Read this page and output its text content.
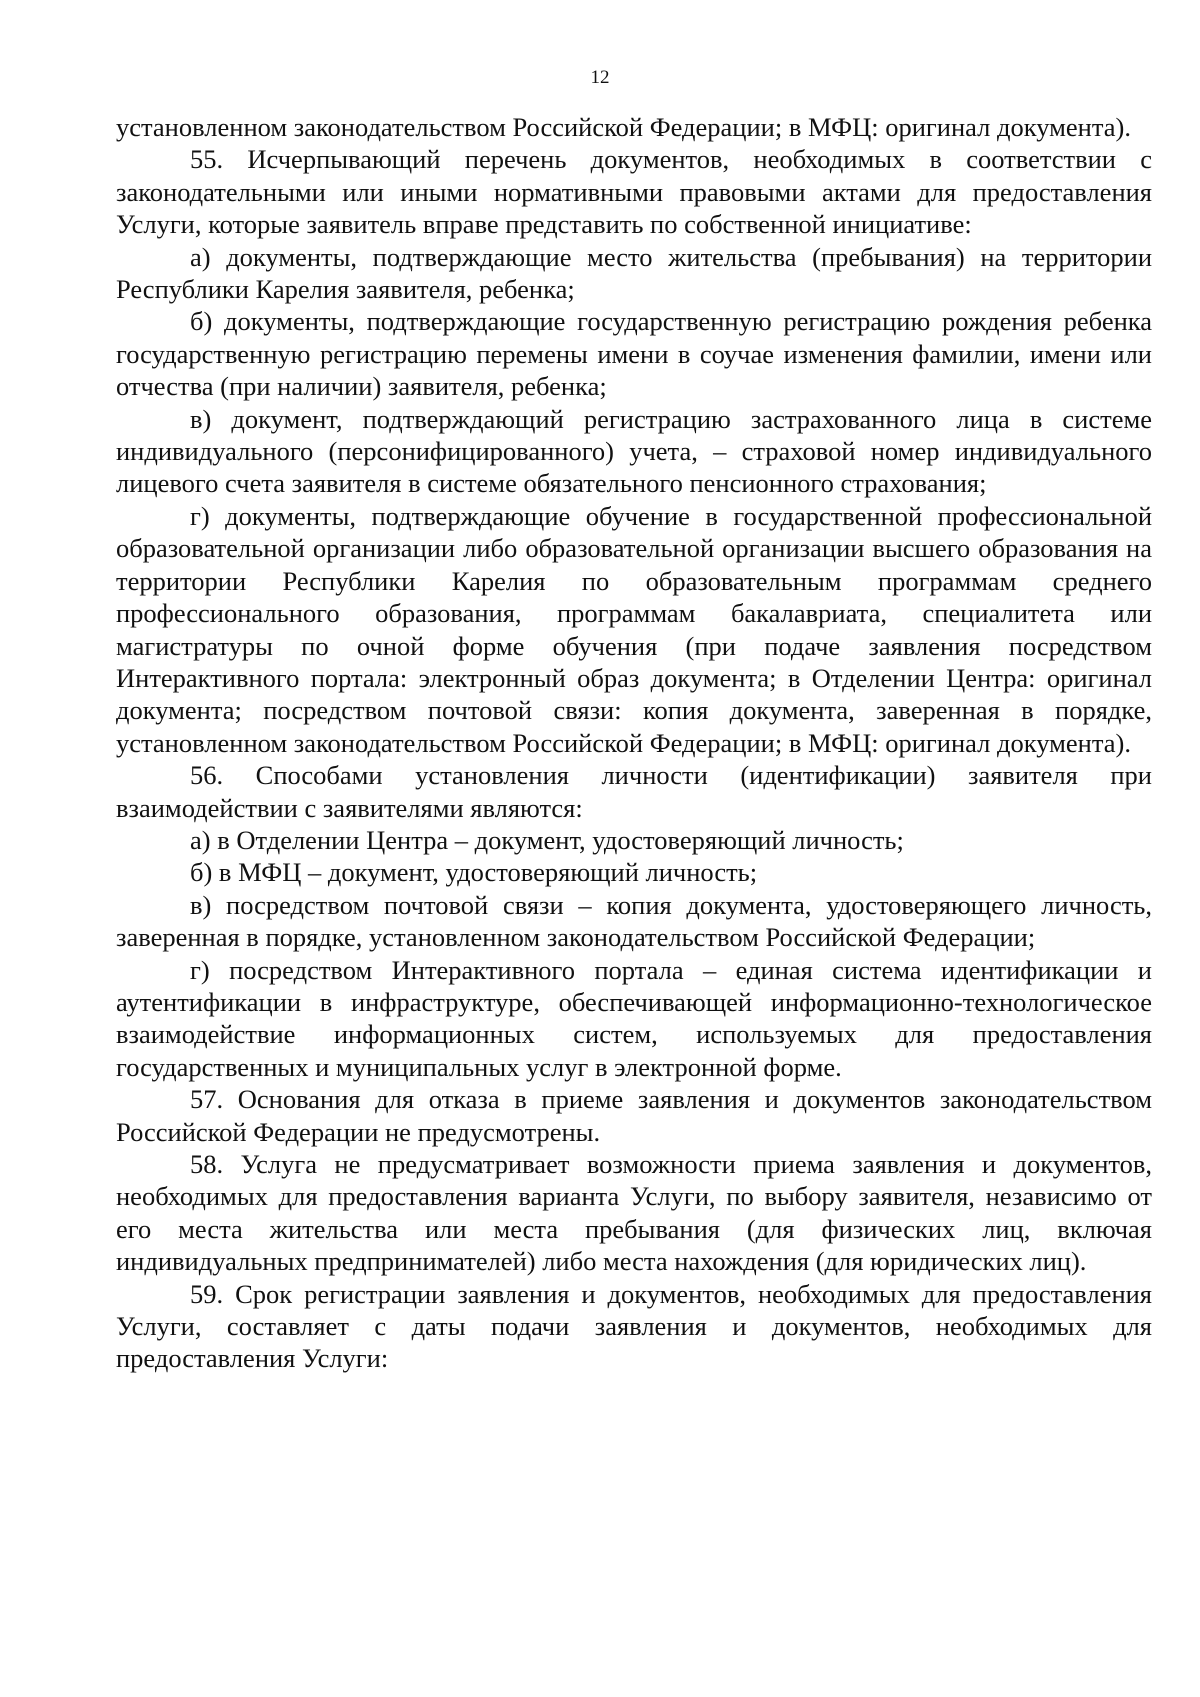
12

установленном законодательством Российской Федерации; в МФЦ: оригинал документа).

55. Исчерпывающий перечень документов, необходимых в соответствии с законодательными или иными нормативными правовыми актами для предоставления Услуги, которые заявитель вправе представить по собственной инициативе:

а) документы, подтверждающие место жительства (пребывания) на территории Республики Карелия заявителя, ребенка;

б) документы, подтверждающие государственную регистрацию рождения ребенка государственную регистрацию перемены имени в соучае изменения фамилии, имени или отчества (при наличии) заявителя, ребенка;

в) документ, подтверждающий регистрацию застрахованного лица в системе индивидуального (персонифицированного) учета, – страховой номер индивидуального лицевого счета заявителя в системе обязательного пенсионного страхования;

г) документы, подтверждающие обучение в государственной профессиональной образовательной организации либо образовательной организации высшего образования на территории Республики Карелия по образовательным программам среднего профессионального образования, программам бакалавриата, специалитета или магистратуры по очной форме обучения (при подаче заявления посредством Интерактивного портала: электронный образ документа; в Отделении Центра: оригинал документа; посредством почтовой связи: копия документа, заверенная в порядке, установленном законодательством Российской Федерации; в МФЦ: оригинал документа).

56. Способами установления личности (идентификации) заявителя при взаимодействии с заявителями являются:

а) в Отделении Центра – документ, удостоверяющий личность;

б) в МФЦ – документ, удостоверяющий личность;

в) посредством почтовой связи – копия документа, удостоверяющего личность, заверенная в порядке, установленном законодательством Российской Федерации;

г) посредством Интерактивного портала – единая система идентификации и аутентификации в инфраструктуре, обеспечивающей информационно-технологическое взаимодействие информационных систем, используемых для предоставления государственных и муниципальных услуг в электронной форме.

57. Основания для отказа в приеме заявления и документов законодательством Российской Федерации не предусмотрены.

58. Услуга не предусматривает возможности приема заявления и документов, необходимых для предоставления варианта Услуги, по выбору заявителя, независимо от его места жительства или места пребывания (для физических лиц, включая индивидуальных предпринимателей) либо места нахождения (для юридических лиц).

59. Срок регистрации заявления и документов, необходимых для предоставления Услуги, составляет с даты подачи заявления и документов, необходимых для предоставления Услуги:
